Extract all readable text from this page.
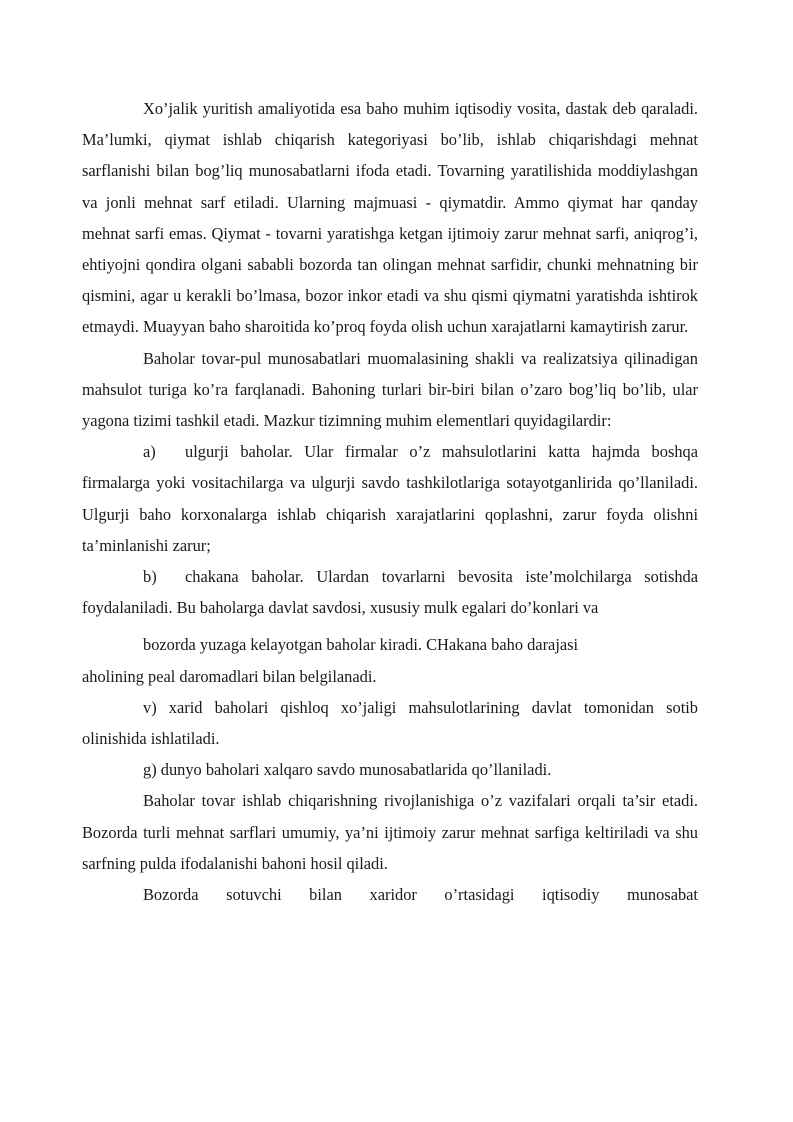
Xo’jalik yuritish amaliyotida esa baho muhim iqtisodiy vosita, dastak deb qaraladi. Ma’lumki, qiymat ishlab chiqarish kategoriyasi bo’lib, ishlab chiqarishdagi mehnat sarflanishi bilan bog’liq munosabatlarni ifoda etadi. Tovarning yaratilishida moddiylashgan va jonli mehnat sarf etiladi. Ularning majmuasi - qiymatdir. Ammo qiymat har qanday mehnat sarfi emas. Qiymat - tovarni yaratishga ketgan ijtimoiy zarur mehnat sarfi, aniqrog’i, ehtiyojni qondira olgani sababli bozorda tan olingan mehnat sarfidir, chunki mehnatning bir qismini, agar u kerakli bo’lmasa, bozor inkor etadi va shu qismi qiymatni yaratishda ishtirok etmaydi. Muayyan baho sharoitida ko’proq foyda olish uchun xarajatlarni kamaytirish zarur.

Baholar tovar-pul munosabatlari muomalasining shakli va realizatsiya qilinadigan mahsulot turiga ko’ra farqlanadi. Bahoning turlari bir-biri bilan o’zaro bog’liq bo’lib, ular yagona tizimi tashkil etadi. Mazkur tizimning muhim elementlari quyidagilardir:

a) ulgurji baholar. Ular firmalar o’z mahsulotlarini katta hajmda boshqa firmalarga yoki vositachilarga va ulgurji savdo tashkilotlariga sotayotganlirida qo’llaniladi. Ulgurji baho korxonalarga ishlab chiqarish xarajatlarini qoplashni, zarur foyda olishni ta’minlanishi zarur;

b) chakana baholar. Ulardan tovarlarni bevosita iste’molchilarga sotishda foydalaniladi. Bu baholarga davlat savdosi, xususiy mulk egalari do’konlari va

bozorda yuzaga kelayotgan baholar kiradi. CHakana baho darajasi
aholining peal daromadlari bilan belgilanadi.

v) xarid baholari qishloq xo’jaligi mahsulotlarining davlat tomonidan sotib olinishida ishlatiladi.

g) dunyo baholari xalqaro savdo munosabatlarida qo’llaniladi.

Baholar tovar ishlab chiqarishning rivojlanishiga o’z vazifalari orqali ta’sir etadi. Bozorda turli mehnat sarflari umumiy, ya’ni ijtimoiy zarur mehnat sarfiga keltiriladi va shu sarfning pulda ifodalanishi bahoni hosil qiladi.

Bozorda sotuvchi bilan xaridor o’rtasidagi iqtisodiy munosabat
